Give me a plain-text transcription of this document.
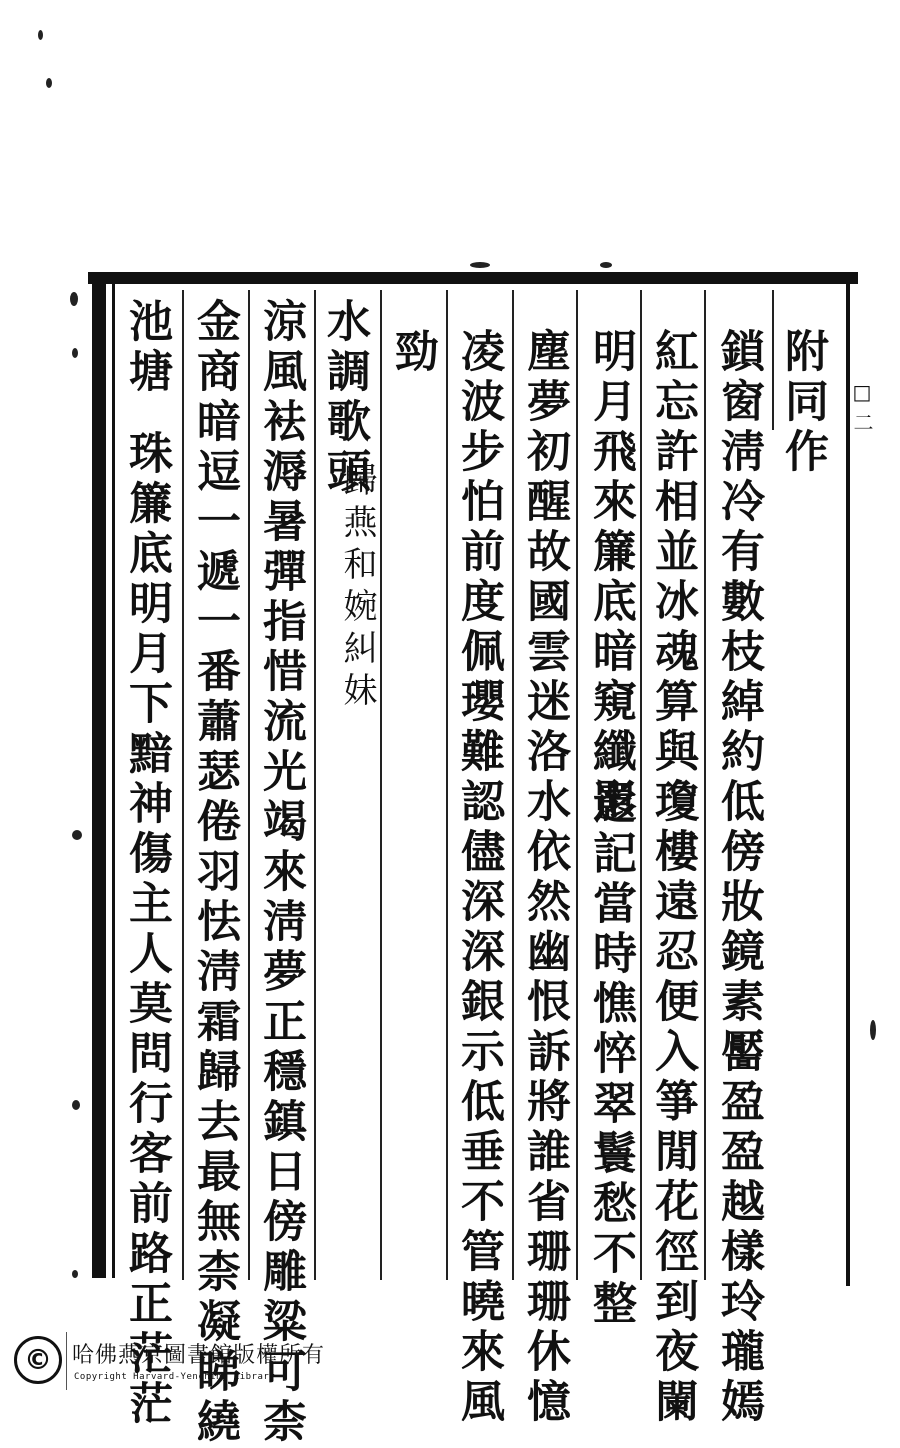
附同作
鎖窗淸冷有數枝綽約低傍妝鏡素靨盈盈越樣玲瓏嫣
紅忘許相並冰魂算與瓊樓遠忍便入箏閒花徑到夜闌
明月飛來簾底暗窺纖影
還記當時憔悴翠鬟愁不整
塵夢初醒故國雲迷洛水依然幽恨訴將誰省珊珊休憶
凌波步怕前度佩瓔難認儘深深銀示低垂不管曉來風
勁
水調歌頭
歸燕和婉糾妹
涼風袪溽暑彈指惜流光竭來淸夢正穩鎮日傍雕粱可柰
金商暗逗一遞一番蕭瑟倦羽怯淸霜歸去最無柰凝睇繞
池塘
珠簾底明月下黯神傷主人莫問行客前路正茫茫
□二
© 哈佛燕京圖書館版權所有
Copyright Harvard-Yenching Library
